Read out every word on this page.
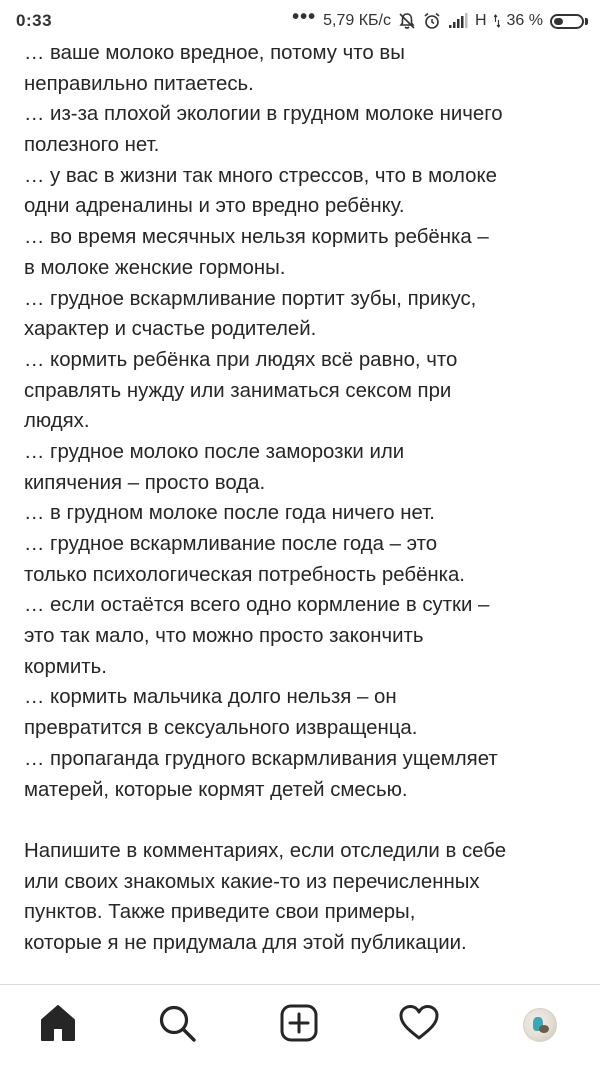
0:33	••• 5,79 КБ/с	H 36 %
… ваше молоко вредное, потому что вы
неправильно питаетесь.
… из-за плохой экологии в грудном молоке ничего
полезного нет.
… у вас в жизни так много стрессов, что в молоке
одни адреналины и это вредно ребёнку.
… во время месячных нельзя кормить ребёнка –
в молоке женские гормоны.
… грудное вскармливание портит зубы, прикус,
характер и счастье родителей.
… кормить ребёнка при людях всё равно, что
справлять нужду или заниматься сексом при
людях.
… грудное молоко после заморозки или
кипячения – просто вода.
… в грудном молоке после года ничего нет.
… грудное вскармливание после года – это
только психологическая потребность ребёнка.
… если остаётся всего одно кормление в сутки –
это так мало, что можно просто закончить
кормить.
… кормить мальчика долго нельзя – он
превратится в сексуального извращенца.
… пропаганда грудного вскармливания ущемляет
матерей, которые кормят детей смесью.
Напишите в комментариях, если отследили в себе
или своих знакомых какие-то из перечисленных
пунктов. Также приведите свои примеры,
которые я не придумала для этой публикации.
